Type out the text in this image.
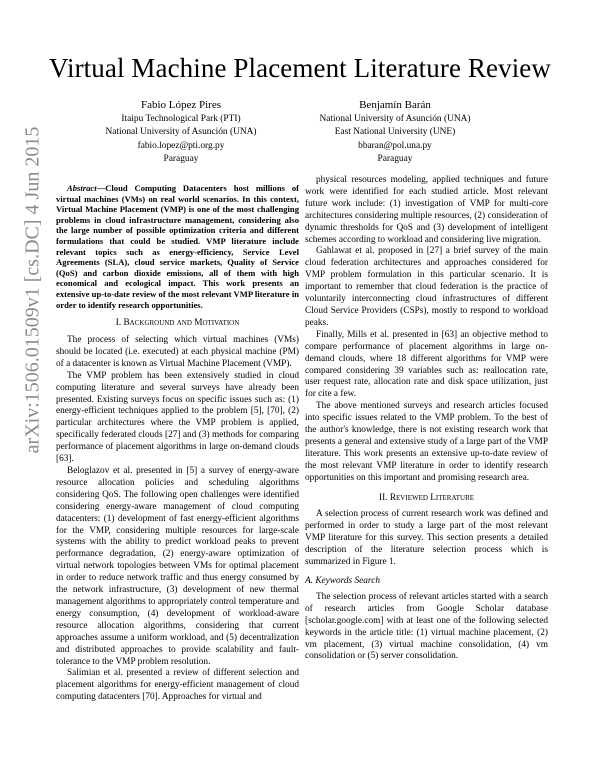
arXiv:1506.01509v1 [cs.DC] 4 Jun 2015
Virtual Machine Placement Literature Review
Fabio López Pires
Itaipu Technological Park (PTI)
National University of Asunción (UNA)
fabio.lopez@pti.org.py
Paraguay
Benjamín Barán
National University of Asunción (UNA)
East National University (UNE)
bbaran@pol.una.py
Paraguay
Abstract—Cloud Computing Datacenters host millions of virtual machines (VMs) on real world scenarios. In this context, Virtual Machine Placement (VMP) is one of the most challenging problems in cloud infrastructure management, considering also the large number of possible optimization criteria and different formulations that could be studied. VMP literature include relevant topics such as energy-efficiency, Service Level Agreements (SLA), cloud service markets, Quality of Service (QoS) and carbon dioxide emissions, all of them with high economical and ecological impact. This work presents an extensive up-to-date review of the most relevant VMP literature in order to identify research opportunities.
I. Background and Motivation

The process of selecting which virtual machines (VMs) should be located (i.e. executed) at each physical machine (PM) of a datacenter is known as Virtual Machine Placement (VMP).

The VMP problem has been extensively studied in cloud computing literature and several surveys have already been presented. Existing surveys focus on specific issues such as: (1) energy-efficient techniques applied to the problem [5], [70], (2) particular architectures where the VMP problem is applied, specifically federated clouds [27] and (3) methods for comparing performance of placement algorithms in large on-demand clouds [63].

Beloglazov et al. presented in [5] a survey of energy-aware resource allocation policies and scheduling algorithms considering QoS. The following open challenges were identified considering energy-aware management of cloud computing datacenters: (1) development of fast energy-efficient algorithms for the VMP, considering multiple resources for large-scale systems with the ability to predict workload peaks to prevent performance degradation, (2) energy-aware optimization of virtual network topologies between VMs for optimal placement in order to reduce network traffic and thus energy consumed by the network infrastructure, (3) development of new thermal management algorithms to appropriately control temperature and energy consumption, (4) development of workload-aware resource allocation algorithms, considering that current approaches assume a uniform workload, and (5) decentralization and distributed approaches to provide scalability and fault-tolerance to the VMP problem resolution.

Salimian et al. presented a review of different selection and placement algorithms for energy-efficient management of cloud computing datacenters [70]. Approaches for virtual and

physical resources modeling, applied techniques and future work were identified for each studied article. Most relevant future work include: (1) investigation of VMP for multi-core architectures considering multiple resources, (2) consideration of dynamic thresholds for QoS and (3) development of intelligent schemes according to workload and considering live migration.

Gahlawat et al. proposed in [27] a brief survey of the main cloud federation architectures and approaches considered for VMP problem formulation in this particular scenario. It is important to remember that cloud federation is the practice of voluntarily interconnecting cloud infrastructures of different Cloud Service Providers (CSPs), mostly to respond to workload peaks.

Finally, Mills et al. presented in [63] an objective method to compare performance of placement algorithms in large on-demand clouds, where 18 different algorithms for VMP were compared considering 39 variables such as: reallocation rate, user request rate, allocation rate and disk space utilization, just for cite a few.

The above mentioned surveys and research articles focused into specific issues related to the VMP problem. To the best of the author's knowledge, there is not existing research work that presents a general and extensive study of a large part of the VMP literature. This work presents an extensive up-to-date review of the most relevant VMP literature in order to identify research opportunities on this important and promising research area.

II. Reviewed Literature

A selection process of current research work was defined and performed in order to study a large part of the most relevant VMP literature for this survey. This section presents a detailed description of the literature selection process which is summarized in Figure 1.

A. Keywords Search

The selection process of relevant articles started with a search of research articles from Google Scholar database [scholar.google.com] with at least one of the following selected keywords in the article title: (1) virtual machine placement, (2) vm placement, (3) virtual machine consolidation, (4) vm consolidation or (5) server consolidation.
